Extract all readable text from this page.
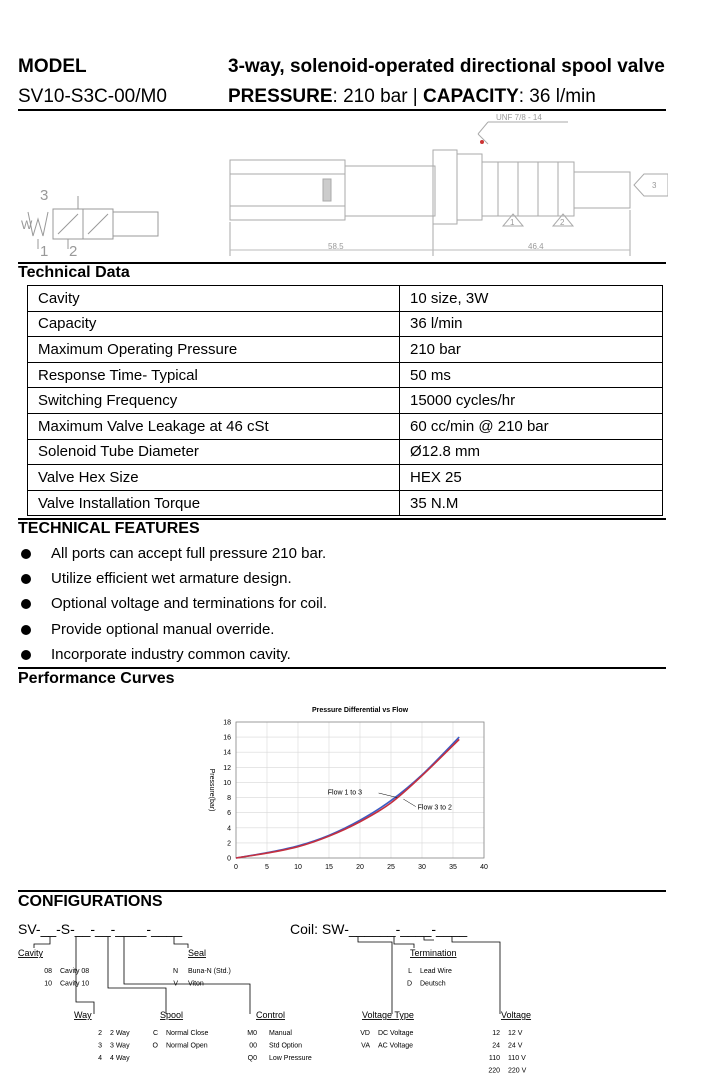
MODEL
SV10-S3C-00/M0
3-way, solenoid-operated directional spool valve
PRESSURE: 210 bar | CAPACITY: 36 l/min
3
W
1 2
UNF 7/8 - 14
58.5	46.4
1	2
3
Technical Data
Cavity	10 size, 3W
Capacity	36 l/min
Maximum Operating Pressure	210 bar
Response Time- Typical	50 ms
Switching Frequency	15000 cycles/hr
Maximum Valve Leakage at 46 cSt	60 cc/min @ 210 bar
Solenoid Tube Diameter	Ø12.8 mm
Valve Hex Size	HEX 25
Valve Installation Torque	35 N.M
TECHNICAL FEATURES
All ports can accept full pressure 210 bar.
Utilize efficient wet armature design.
Optional voltage and terminations for coil.
Provide optional manual override.
Incorporate industry common cavity.
Performance Curves
Pressure Differential vs Flow
0	5	10	15	20	25	30	35	40
0
2
4
6
8
10
12
14
16
18
Pressure(bar)	Flow 1 to 3
Flow 3 to 2
CONFIGURATIONS
SV-__-S-__-__-____-____	Coil: SW-______-____-____
Cavity
08 Cavity 08
10 Cavity 10
Seal
N Buna-N (Std.)
V Viton
Way
2 2 Way
3 3 Way
4 4 Way
Spool
C Normal Close
O Normal Open
Control
M0 Manual
00 Std Option
Q0 Low Pressure
Termination
L Lead Wire
D Deutsch
Voltage Type
VD DC Voltage
VA AC Voltage
Voltage
12 12 V
24 24 V
110 110 V
220 220 V
